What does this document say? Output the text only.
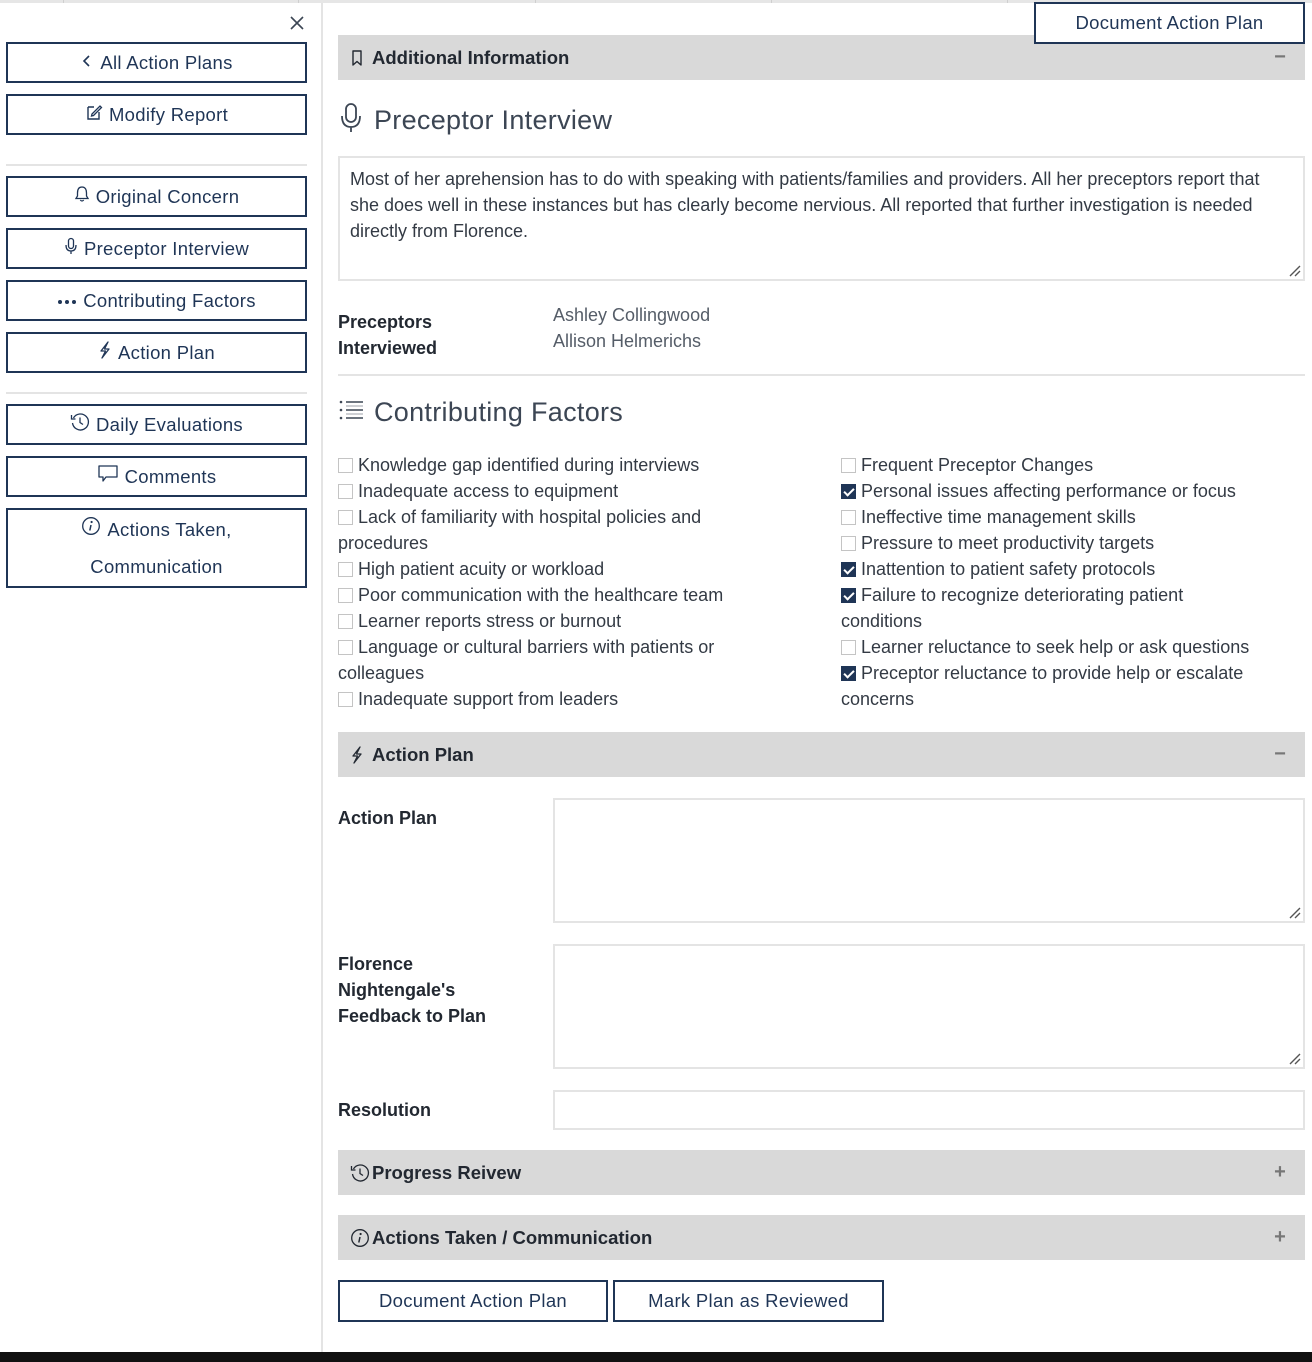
All Action Plans
Modify Report
Original Concern
Preceptor Interview
Contributing Factors
Action Plan
Daily Evaluations
Comments
Actions Taken,
Communication
Document Action Plan
Additional Information	−
Preceptor Interview
Most of her aprehension has to do with speaking with patients/families and providers. All her preceptors report that she does well in these instances but has clearly become nervious. All reported that further investigation is needed directly from Florence.
Preceptors
Interviewed
Ashley Collingwood
Allison Helmerichs
Contributing Factors
Knowledge gap identified during interviews
Inadequate access to equipment
Lack of familiarity with hospital policies and
procedures
High patient acuity or workload
Poor communication with the healthcare team
Learner reports stress or burnout
Language or cultural barriers with patients or
colleagues
Inadequate support from leaders
Frequent Preceptor Changes
Personal issues affecting performance or focus
Ineffective time management skills
Pressure to meet productivity targets
Inattention to patient safety protocols
Failure to recognize deteriorating patient
conditions
Learner reluctance to seek help or ask questions
Preceptor reluctance to provide help or escalate
concerns
Action Plan	−
Action Plan
Florence
Nightengale's
Feedback to Plan
Resolution
Progress Reivew	+
Actions Taken / Communication	+
Document Action Plan	Mark Plan as Reviewed
